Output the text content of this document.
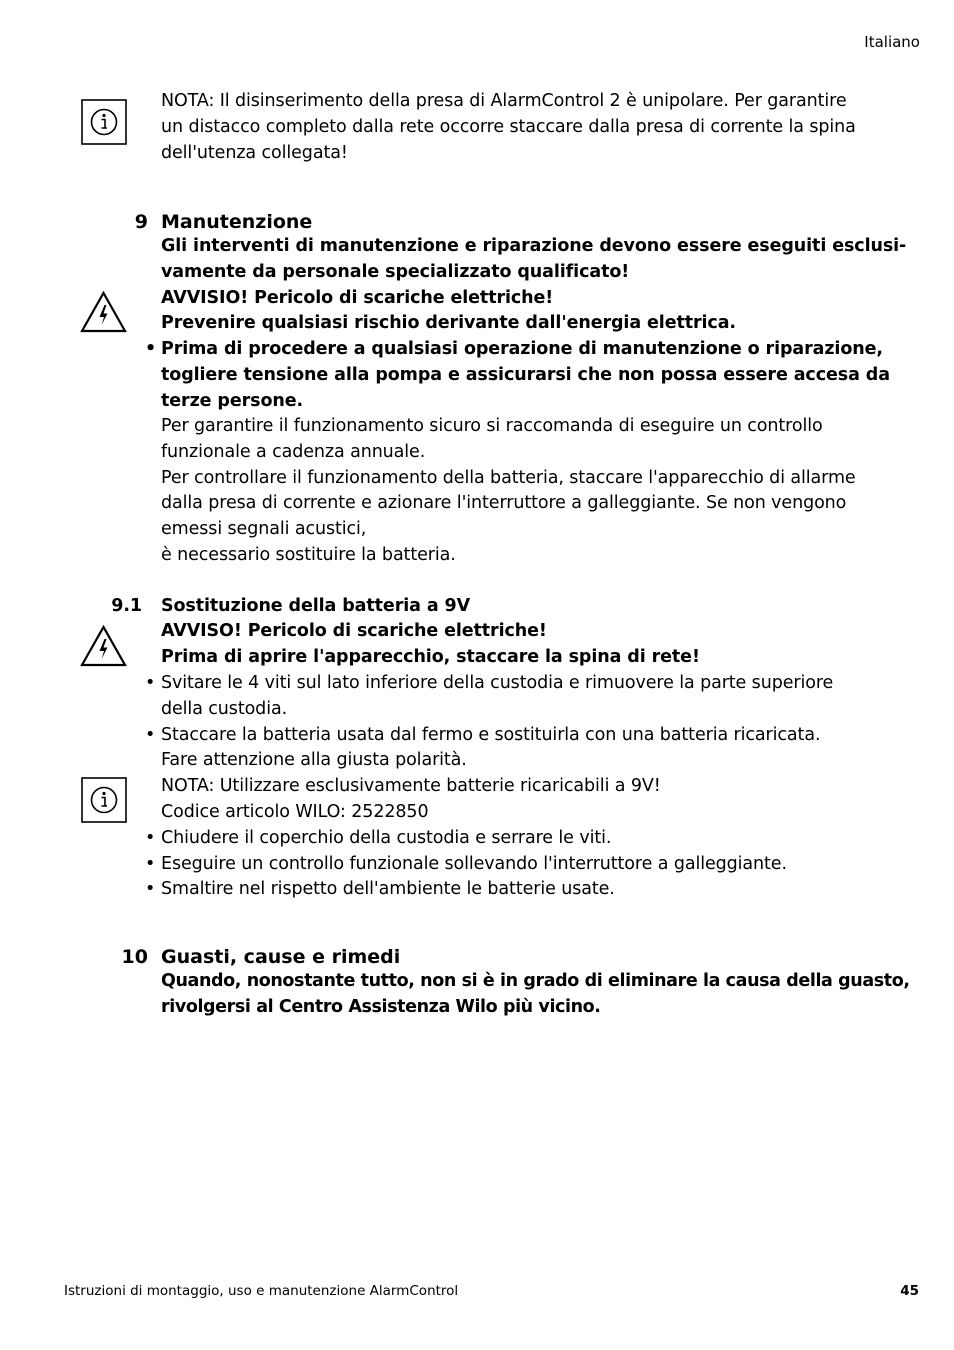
Italiano

NOTA: Il disinserimento della presa di AlarmControl 2 è unipolare. Per garantire

un distacco completo dalla rete occorre staccare dalla presa di corrente la spina

dell'utenza collegata!

9 Manutenzione

Gli interventi di manutenzione e riparazione devono essere eseguiti esclusi-

vamente da personale specializzato qualificato!

AVVISIO! Pericolo di scariche elettriche!

Prevenire qualsiasi rischio derivante dall'energia elettrica.

• Prima di procedere a qualsiasi operazione di manutenzione o riparazione,

togliere tensione alla pompa e assicurarsi che non possa essere accesa da

terze persone.

Per garantire il funzionamento sicuro si raccomanda di eseguire un controllo

funzionale a cadenza annuale.

Per controllare il funzionamento della batteria, staccare l'apparecchio di allarme

dalla presa di corrente e azionare l'interruttore a galleggiante. Se non vengono

emessi segnali acustici,

è necessario sostituire la batteria.

9.1 Sostituzione della batteria a 9V

AVVISO! Pericolo di scariche elettriche!

Prima di aprire l'apparecchio, staccare la spina di rete!

• Svitare le 4 viti sul lato inferiore della custodia e rimuovere la parte superiore

della custodia.

• Staccare la batteria usata dal fermo e sostituirla con una batteria ricaricata.

Fare attenzione alla giusta polarità.

NOTA: Utilizzare esclusivamente batterie ricaricabili a 9V!

Codice articolo WILO: 2522850

• Chiudere il coperchio della custodia e serrare le viti.

• Eseguire un controllo funzionale sollevando l'interruttore a galleggiante.

• Smaltire nel rispetto dell'ambiente le batterie usate.

10 Guasti, cause e rimedi

Quando, nonostante tutto, non si è in grado di eliminare la causa della guasto,

rivolgersi al Centro Assistenza Wilo più vicino.

Istruzioni di montaggio, uso e manutenzione AlarmControl	45
